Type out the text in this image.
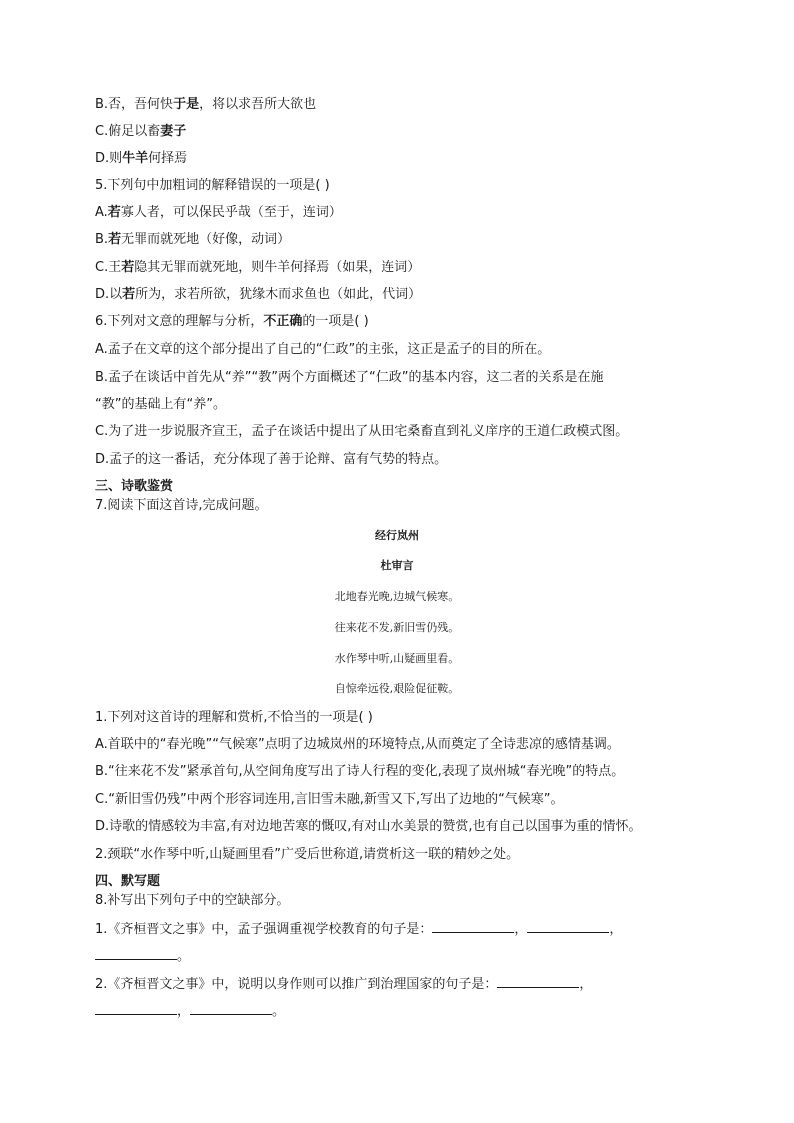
B.否，吾何快于是，将以求吾所大欲也
C.俯足以畜妻子
D.则牛羊何择焉
5.下列句中加粗词的解释错误的一项是( )
A.若寡人者，可以保民乎哉（至于，连词）
B.若无罪而就死地（好像，动词）
C.王若隐其无罪而就死地，则牛羊何择焉（如果，连词）
D.以若所为，求若所欲，犹缘木而求鱼也（如此，代词）
6.下列对文意的理解与分析，不正确的一项是( )
A.孟子在文章的这个部分提出了自己的“仁政”的主张，这正是孟子的目的所在。
B.孟子在谈话中首先从“养”“教”两个方面概述了“仁政”的基本内容，这二者的关系是在施
“教”的基础上有“养”。
C.为了进一步说服齐宣王，孟子在谈话中提出了从田宅桑畜直到礼义庠序的王道仁政模式图。
D.孟子的这一番话，充分体现了善于论辩、富有气势的特点。
三、诗歌鉴赏
7.阅读下面这首诗,完成问题。
经行岚州
杜审言
北地春光晚,边城气候寒。
往来花不发,新旧雪仍残。
水作琴中听,山疑画里看。
自惊牵远役,艰险促征鞍。
1.下列对这首诗的理解和赏析,不恰当的一项是( )
A.首联中的“春光晚”“气候寒”点明了边城岚州的环境特点,从而奠定了全诗悲凉的感情基调。
B.“往来花不发”紧承首句,从空间角度写出了诗人行程的变化,表现了岚州城“春光晚”的特点。
C.“新旧雪仍残”中两个形容词连用,言旧雪未融,新雪又下,写出了边地的“气候寒”。
D.诗歌的情感较为丰富,有对边地苦寒的慨叹,有对山水美景的赞赏,也有自己以国事为重的情怀。
2.颈联“水作琴中听,山疑画里看”广受后世称道,请赏析这一联的精妙之处。
四、默写题
8.补写出下列句子中的空缺部分。
1.《齐桓晋文之事》中，孟子强调重视学校教育的句子是：	，	，
。
2.《齐桓晋文之事》中，说明以身作则可以推广到治理国家的句子是：	，
，	。
